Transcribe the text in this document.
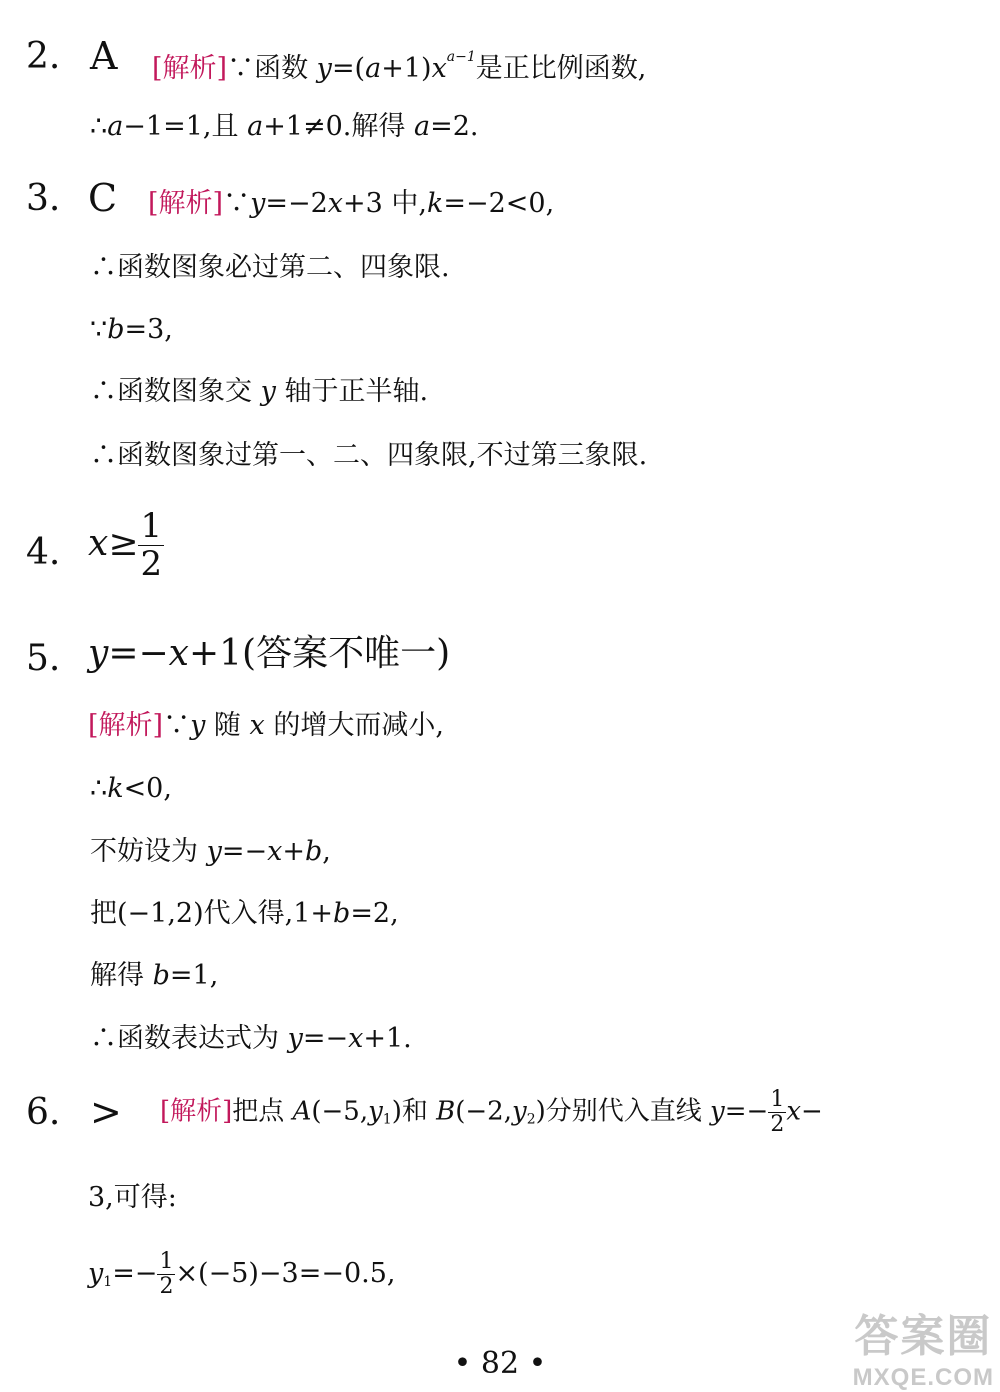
2. A [解析]∵函数 $y=(a+1)x^{a-1}$是正比例函数,
∴a−1=1,且 a+1≠0.解得 a=2.
3. C [解析]∵y=−2x+3 中,k=−2<0,
∴函数图象必过第二、四象限.
∵b=3,
∴函数图象交 y 轴于正半轴.
∴函数图象过第一、二、四象限,不过第三象限.
4. $x\ge \frac{1}{2}$
5. y=−x+1(答案不唯一)
[解析]∵y 随 x 的增大而减小,
∴k<0,
不妨设为 y=−x+b,
把(−1,2)代入得,1+b=2,
解得 b=1,
∴函数表达式为 y=−x+1.
6. > [解析]把点 $A(-5,y_1)$和 $B(-2,y_2)$分别代入直线 $y=- \frac{1}{2} x-$
3,可得:
$y_1=- \frac{1}{2} \times(-5)-3=-0.5$,
• 82 •
答案圈
MXQE.COM
